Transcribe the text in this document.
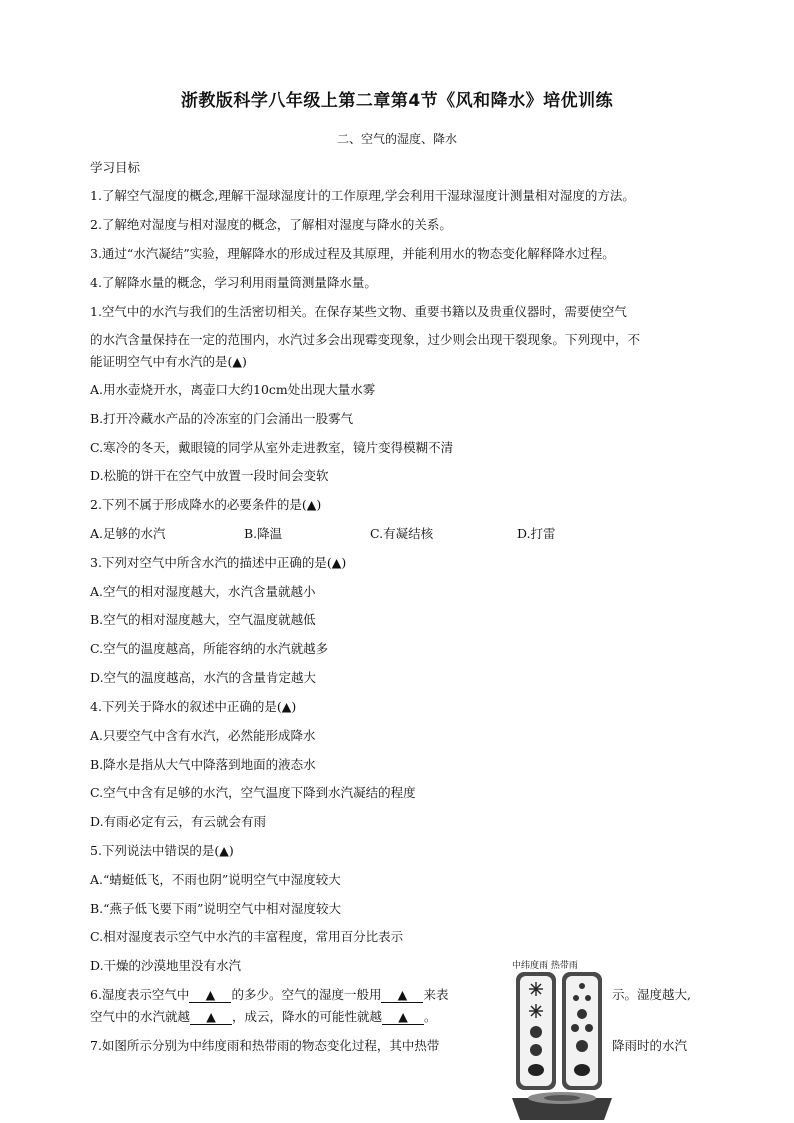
浙教版科学八年级上第二章第4节《风和降水》培优训练
二、空气的湿度、降水
学习目标
1.了解空气湿度的概念,理解干湿球湿度计的工作原理,学会利用干湿球湿度计测量相对湿度的方法。
2.了解绝对湿度与相对湿度的概念，了解相对湿度与降水的关系。
3.通过“水汽凝结”实验，理解降水的形成过程及其原理，并能利用水的物态变化解释降水过程。
4.了解降水量的概念，学习利用雨量筒测量降水量。
1.空气中的水汽与我们的生活密切相关。在保存某些文物、重要书籍以及贵重仪器时，需要使空气
的水汽含量保持在一定的范围内，水汽过多会出现霉变现象，过少则会出现干裂现象。下列现中，不
能证明空气中有水汽的是(▲)
A.用水壶烧开水，离壶口大约10cm处出现大量水雾
B.打开冷藏水产品的冷冻室的门会涌出一股雾气
C.寒冷的冬天，戴眼镜的同学从室外走进教室，镜片变得模糊不清
D.松脆的饼干在空气中放置一段时间会变软
2.下列不属于形成降水的必要条件的是(▲)
A.足够的水汽	B.降温	C.有凝结核	D.打雷
3.下列对空气中所含水汽的描述中正确的是(▲)
A.空气的相对湿度越大，水汽含量就越小
B.空气的相对湿度越大，空气温度就越低
C.空气的温度越高，所能容纳的水汽就越多
D.空气的温度越高，水汽的含量肯定越大
4.下列关于降水的叙述中正确的是(▲)
A.只要空气中含有水汽，必然能形成降水
B.降水是指从大气中降落到地面的液态水
C.空气中含有足够的水汽，空气温度下降到水汽凝结的程度
D.有雨必定有云，有云就会有雨
5.下列说法中错误的是(▲)
A.“蜻蜓低飞，不雨也阴”说明空气中湿度较大
B.“燕子低飞要下雨”说明空气中相对湿度较大
C.相对湿度表示空气中水汽的丰富程度，常用百分比表示
D.干燥的沙漠地里没有水汽
6.湿度表示空气中 ▲ 的多少。空气的湿度一般用 ▲ 来表	示。湿度越大,
空气中的水汽就越 ▲ ，成云，降水的可能性就越 ▲ 。
7.如图所示分别为中纬度雨和热带雨的物态变化过程，其中热带	降雨时的水汽
中纬度雨 热带雨
